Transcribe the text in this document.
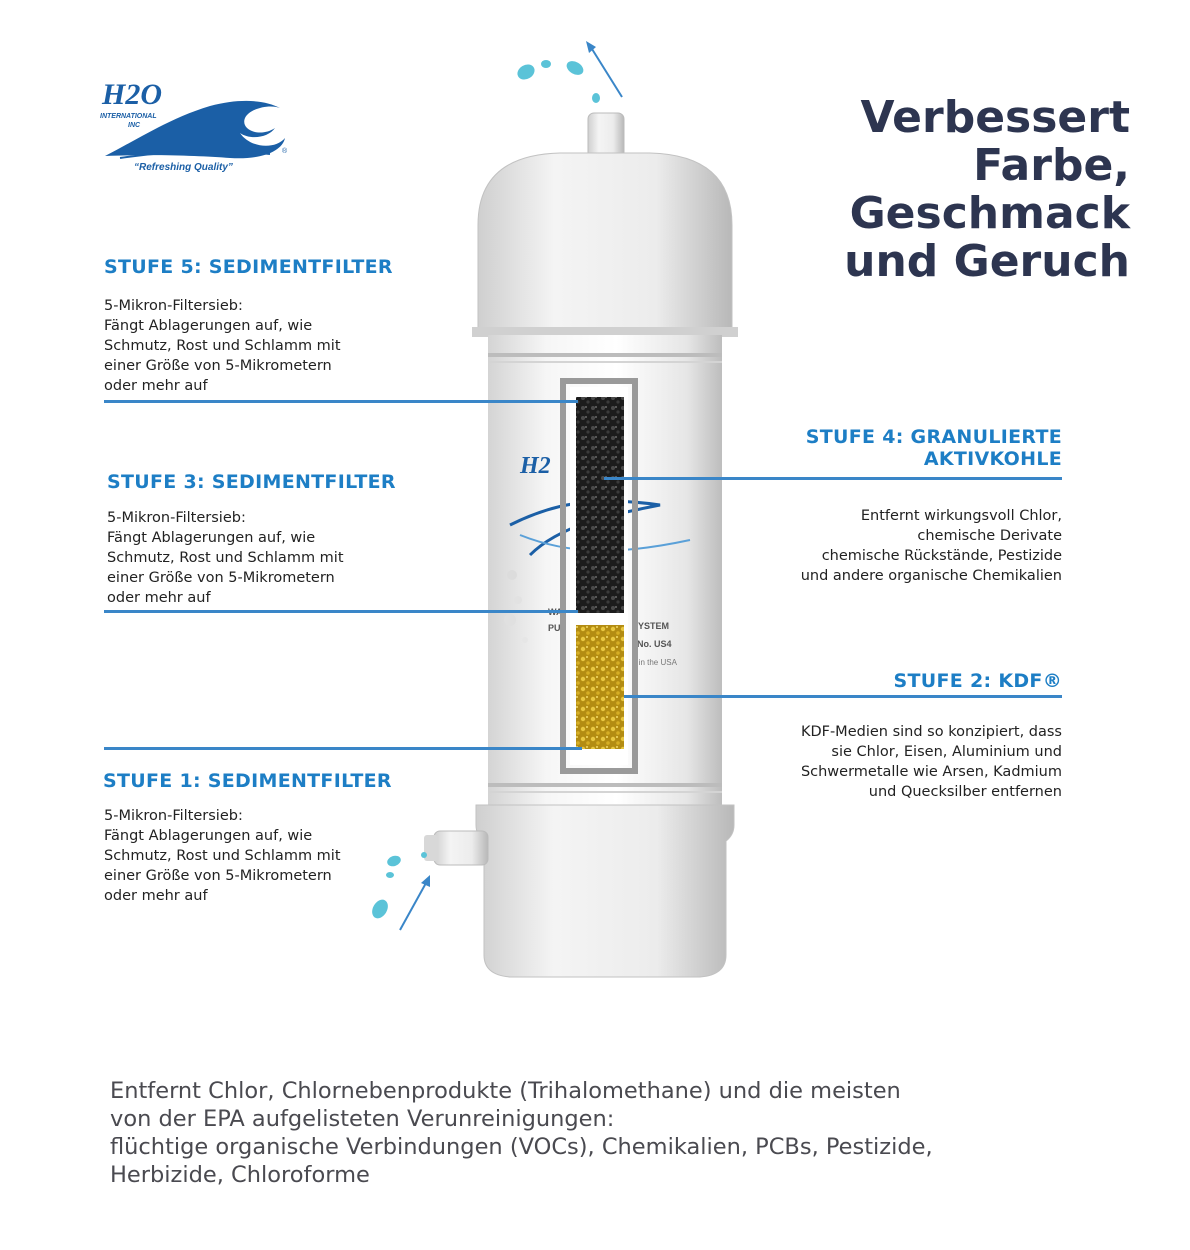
H2O
INTERNATIONAL
INC
“Refreshing Quality”
®
Verbessert
Farbe,
Geschmack
und Geruch
H2
PU	SYSTEM
l No. US4
e in the USA
STUFE 5: SEDIMENTFILTER
5-Mikron-Filtersieb:
Fängt Ablagerungen auf, wie
Schmutz, Rost und Schlamm mit
einer Größe von 5-Mikrometern
oder mehr auf
STUFE 3: SEDIMENTFILTER
5-Mikron-Filtersieb:
Fängt Ablagerungen auf, wie
Schmutz, Rost und Schlamm mit
einer Größe von 5-Mikrometern
oder mehr auf
STUFE 1: SEDIMENTFILTER
5-Mikron-Filtersieb:
Fängt Ablagerungen auf, wie
Schmutz, Rost und Schlamm mit
einer Größe von 5-Mikrometern
oder mehr auf
STUFE 4: GRANULIERTE
AKTIVKOHLE
Entfernt wirkungsvoll Chlor,
chemische Derivate
chemische Rückstände, Pestizide
und andere organische Chemikalien
STUFE 2: KDF®
KDF-Medien sind so konzipiert, dass
sie Chlor, Eisen, Aluminium und
Schwermetalle wie Arsen, Kadmium
und Quecksilber entfernen
Entfernt Chlor, Chlornebenprodukte (Trihalomethane) und die meisten
von der EPA aufgelisteten Verunreinigungen:
flüchtige organische Verbindungen (VOCs), Chemikalien, PCBs, Pestizide,
Herbizide, Chloroforme
